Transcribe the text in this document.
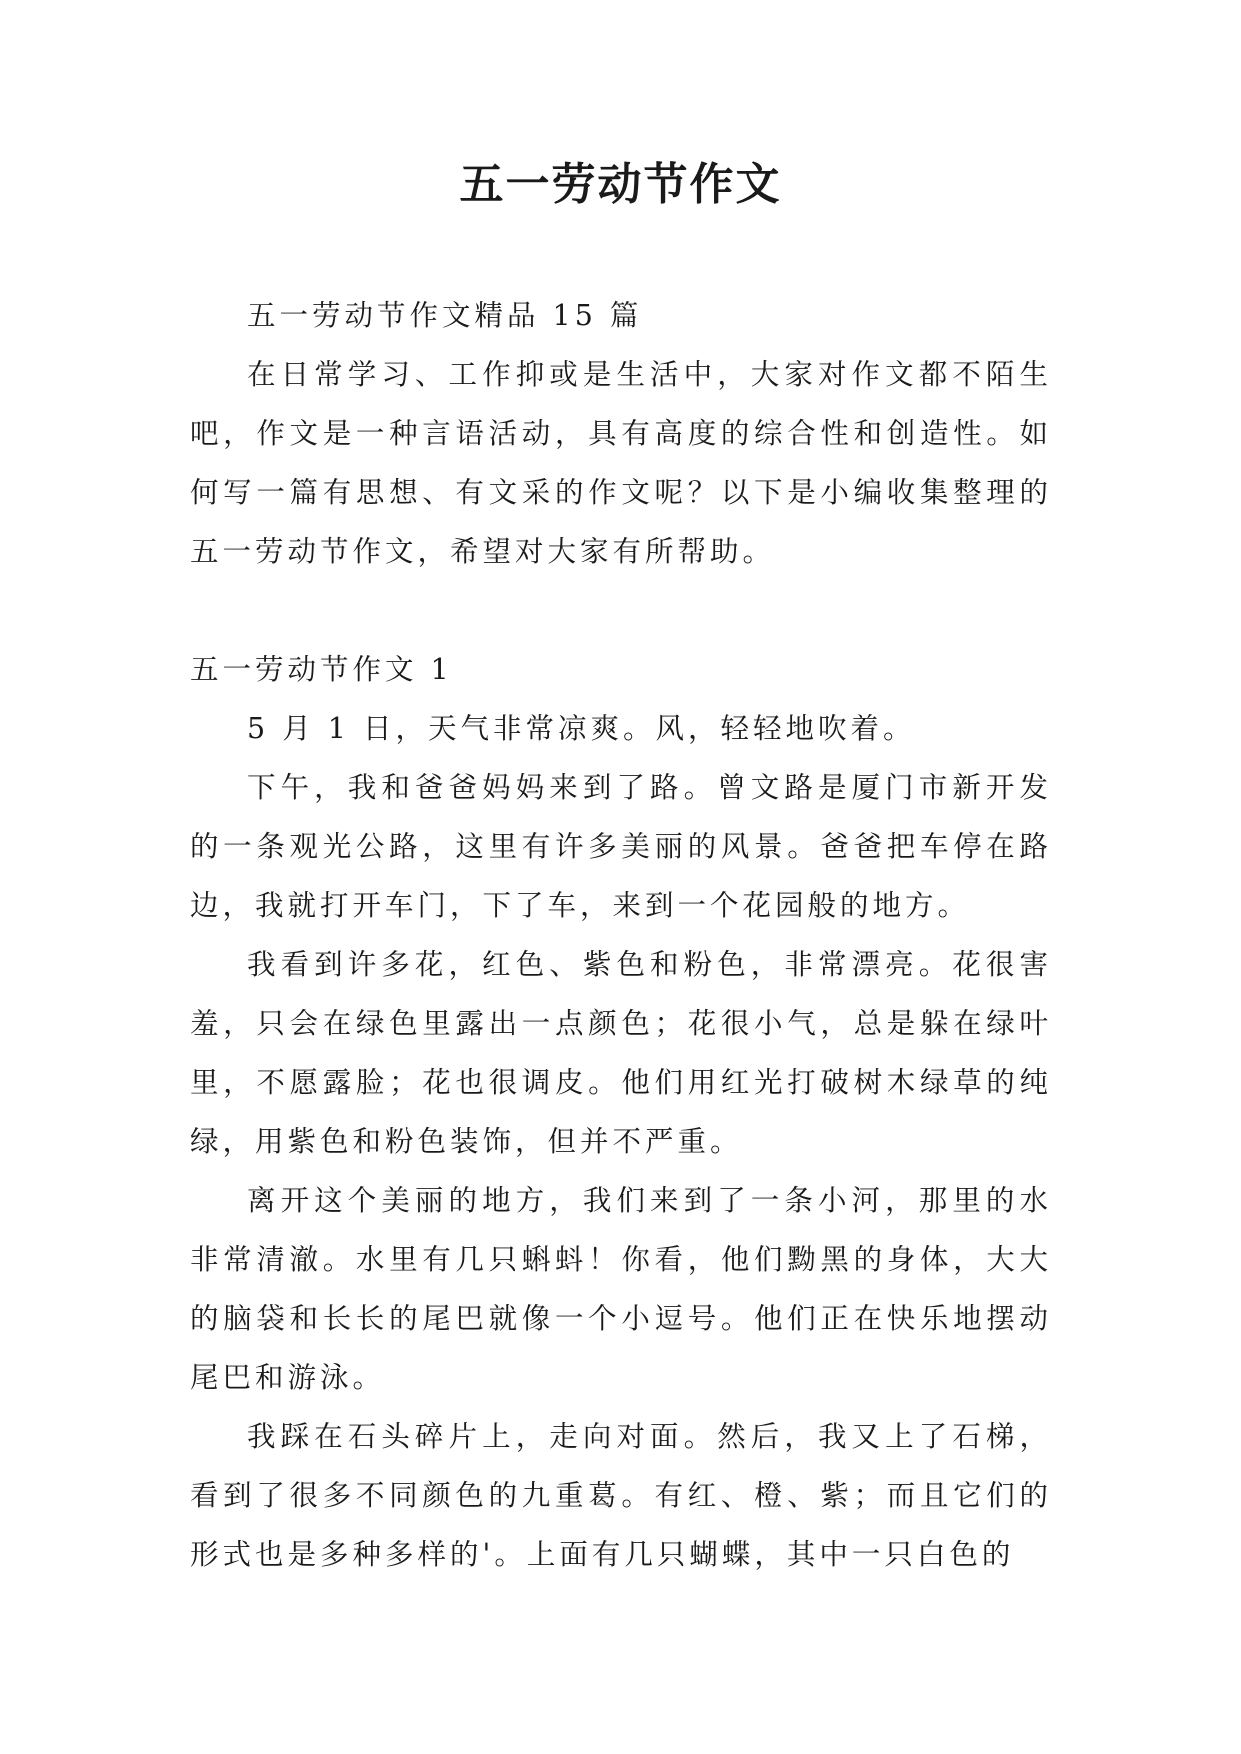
五一劳动节作文

五一劳动节作文精品 15 篇

在日常学习、工作抑或是生活中，大家对作文都不陌生吧，作文是一种言语活动，具有高度的综合性和创造性。如何写一篇有思想、有文采的作文呢？以下是小编收集整理的五一劳动节作文，希望对大家有所帮助。

五一劳动节作文 1

5 月 1 日，天气非常凉爽。风，轻轻地吹着。

下午，我和爸爸妈妈来到了路。曾文路是厦门市新开发的一条观光公路，这里有许多美丽的风景。爸爸把车停在路边，我就打开车门，下了车，来到一个花园般的地方。

我看到许多花，红色、紫色和粉色，非常漂亮。花很害羞，只会在绿色里露出一点颜色；花很小气，总是躲在绿叶里，不愿露脸；花也很调皮。他们用红光打破树木绿草的纯绿，用紫色和粉色装饰，但并不严重。

离开这个美丽的地方，我们来到了一条小河，那里的水非常清澈。水里有几只蝌蚪！你看，他们黝黑的身体，大大的脑袋和长长的尾巴就像一个小逗号。他们正在快乐地摆动尾巴和游泳。

我踩在石头碎片上，走向对面。然后，我又上了石梯，看到了很多不同颜色的九重葛。有红、橙、紫；而且它们的形式也是多种多样的'。上面有几只蝴蝶，其中一只白色的
